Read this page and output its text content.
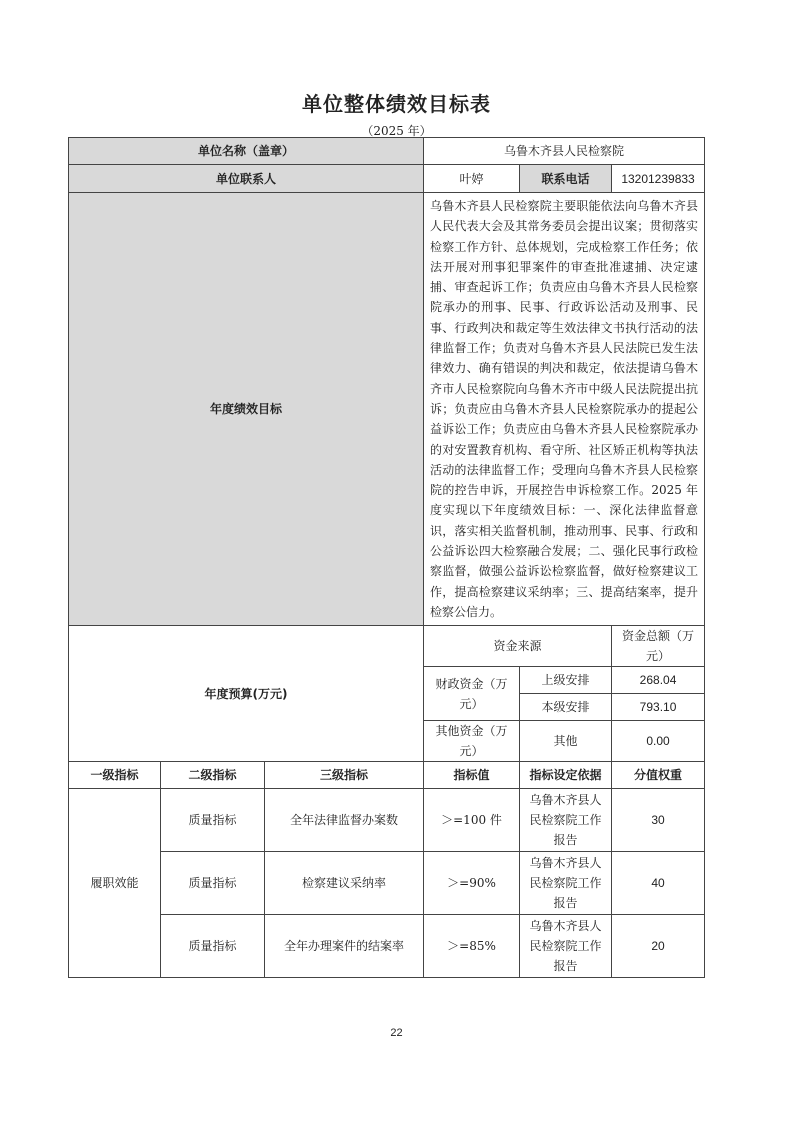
单位整体绩效目标表
（2025 年）
单位名称（盖章）			乌鲁木齐县人民检察院		
单位联系人			叶婷	联系电话	13201239833
年度绩效目标			乌鲁木齐县人民检察院主要职能依法向乌鲁木齐县人民代表大会及其常务委员会提出议案；贯彻落实检察工作方针、总体规划，完成检察工作任务；依法开展对刑事犯罪案件的审查批准逮捕、决定逮捕、审查起诉工作；负责应由乌鲁木齐县人民检察院承办的刑事、民事、行政诉讼活动及刑事、民事、行政判决和裁定等生效法律文书执行活动的法律监督工作；负责对乌鲁木齐县人民法院已发生法律效力、确有错误的判决和裁定，依法提请乌鲁木齐市人民检察院向乌鲁木齐市中级人民法院提出抗诉；负责应由乌鲁木齐县人民检察院承办的提起公益诉讼工作；负责应由乌鲁木齐县人民检察院承办的对安置教育机构、看守所、社区矫正机构等执法活动的法律监督工作；受理向乌鲁木齐县人民检察院的控告申诉，开展控告申诉检察工作。2025 年度实现以下年度绩效目标：一、深化法律监督意识，落实相关监督机制，推动刑事、民事、行政和公益诉讼四大检察融合发展；二、强化民事行政检察监督，做强公益诉讼检察监督，做好检察建议工作，提高检察建议采纳率；三、提高结案率，提升检察公信力。		
年度预算(万元)			资金来源		资金总额（万元）
			财政资金（万元）	上级安排	268.04
				本级安排	793.10
			其他资金（万元）	其他	0.00
一级指标	二级指标	三级指标	指标值	指标设定依据	分值权重
履职效能	质量指标	全年法律监督办案数	＞=100 件	乌鲁木齐县人民检察院工作报告	30
	质量指标	检察建议采纳率	＞=90%	乌鲁木齐县人民检察院工作报告	40
	质量指标	全年办理案件的结案率	＞=85%	乌鲁木齐县人民检察院工作报告	20
22
